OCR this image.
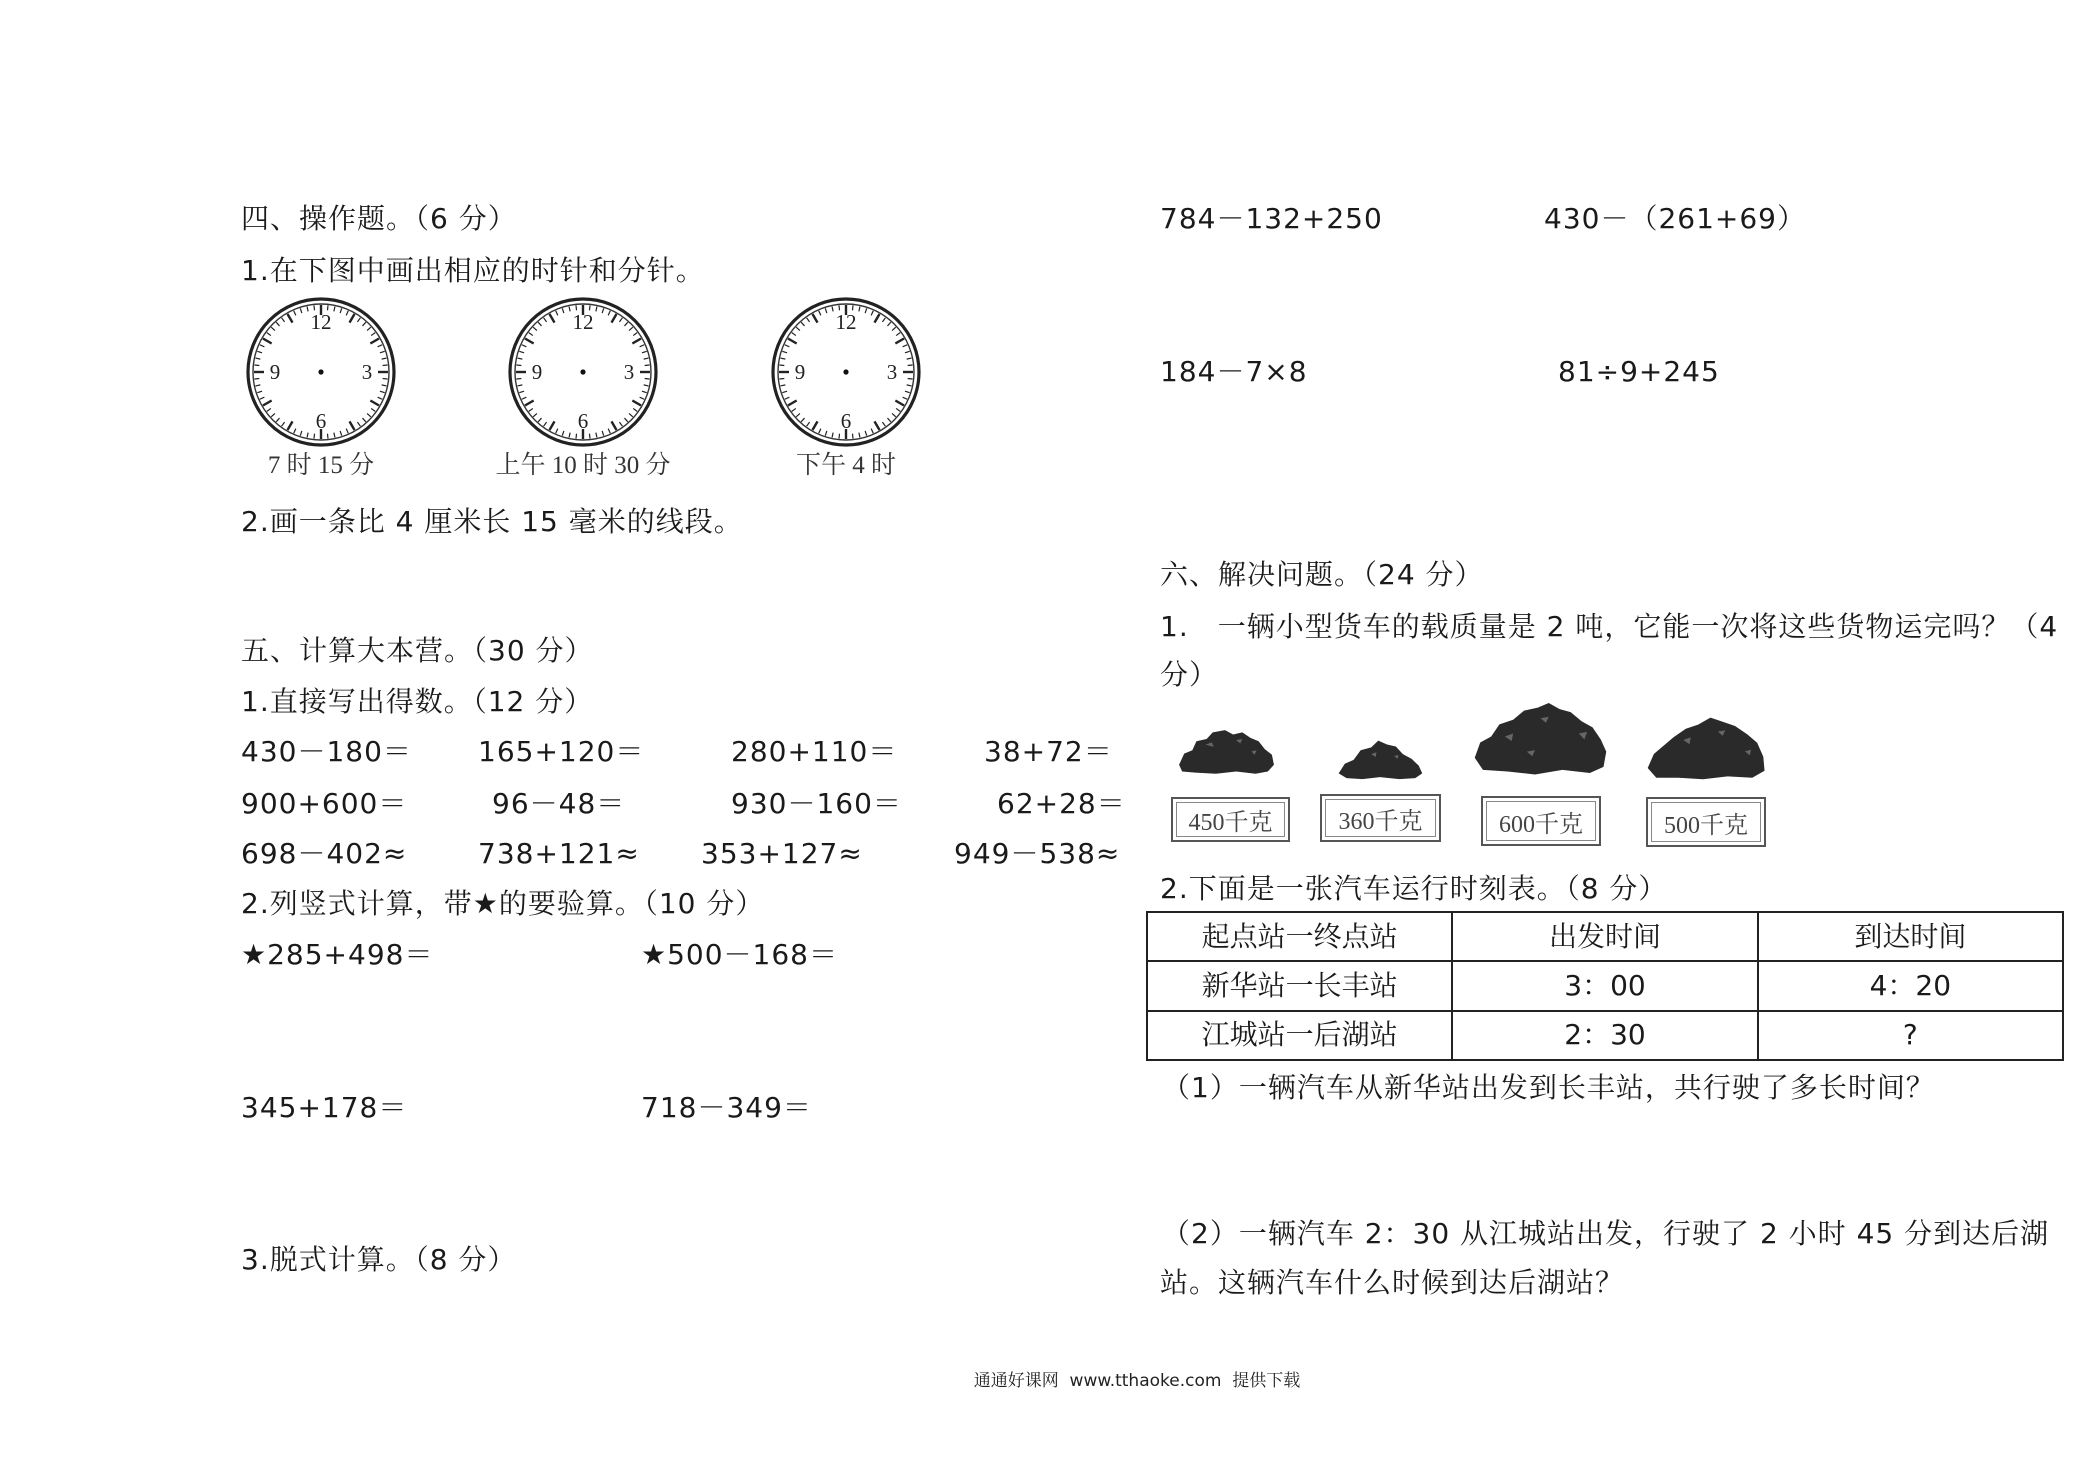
四、操作题。（6 分）
1.在下图中画出相应的时针和分针。
12
3
6
9
12
3
6
9
12
3
6
9
7 时 15 分	上午 10 时 30 分	下午 4 时
2.画一条比 4 厘米长 15 毫米的线段。
五、计算大本营。（30 分）
1.直接写出得数。（12 分）
430－180＝ 165+120＝	280+110＝	38+72＝
900+600＝	96－48＝	930－160＝	62+28＝
698－402≈	738+121≈ 353+127≈	949－538≈
2.列竖式计算，带★的要验算。（10 分）
★285+498＝	★500－168＝
345+178＝	718－349＝
3.脱式计算。（8 分）
784－132+250	430－（261+69）
184－7×8	81÷9+245
六、解决问题。（24 分）
1.　一辆小型货车的载质量是 2 吨，它能一次将这些货物运完吗？（4
分）
450千克	360千克	600千克	500千克
2.下面是一张汽车运行时刻表。（8 分）
起点站一终点站	出发时间	到达时间
新华站一长丰站	3：00	4：20
江城站一后湖站	2：30	?
（1）一辆汽车从新华站出发到长丰站，共行驶了多长时间？
（2）一辆汽车 2：30 从江城站出发，行驶了 2 小时 45 分到达后湖
站。这辆汽车什么时候到达后湖站？
通通好课网  www.tthaoke.com  提供下载
